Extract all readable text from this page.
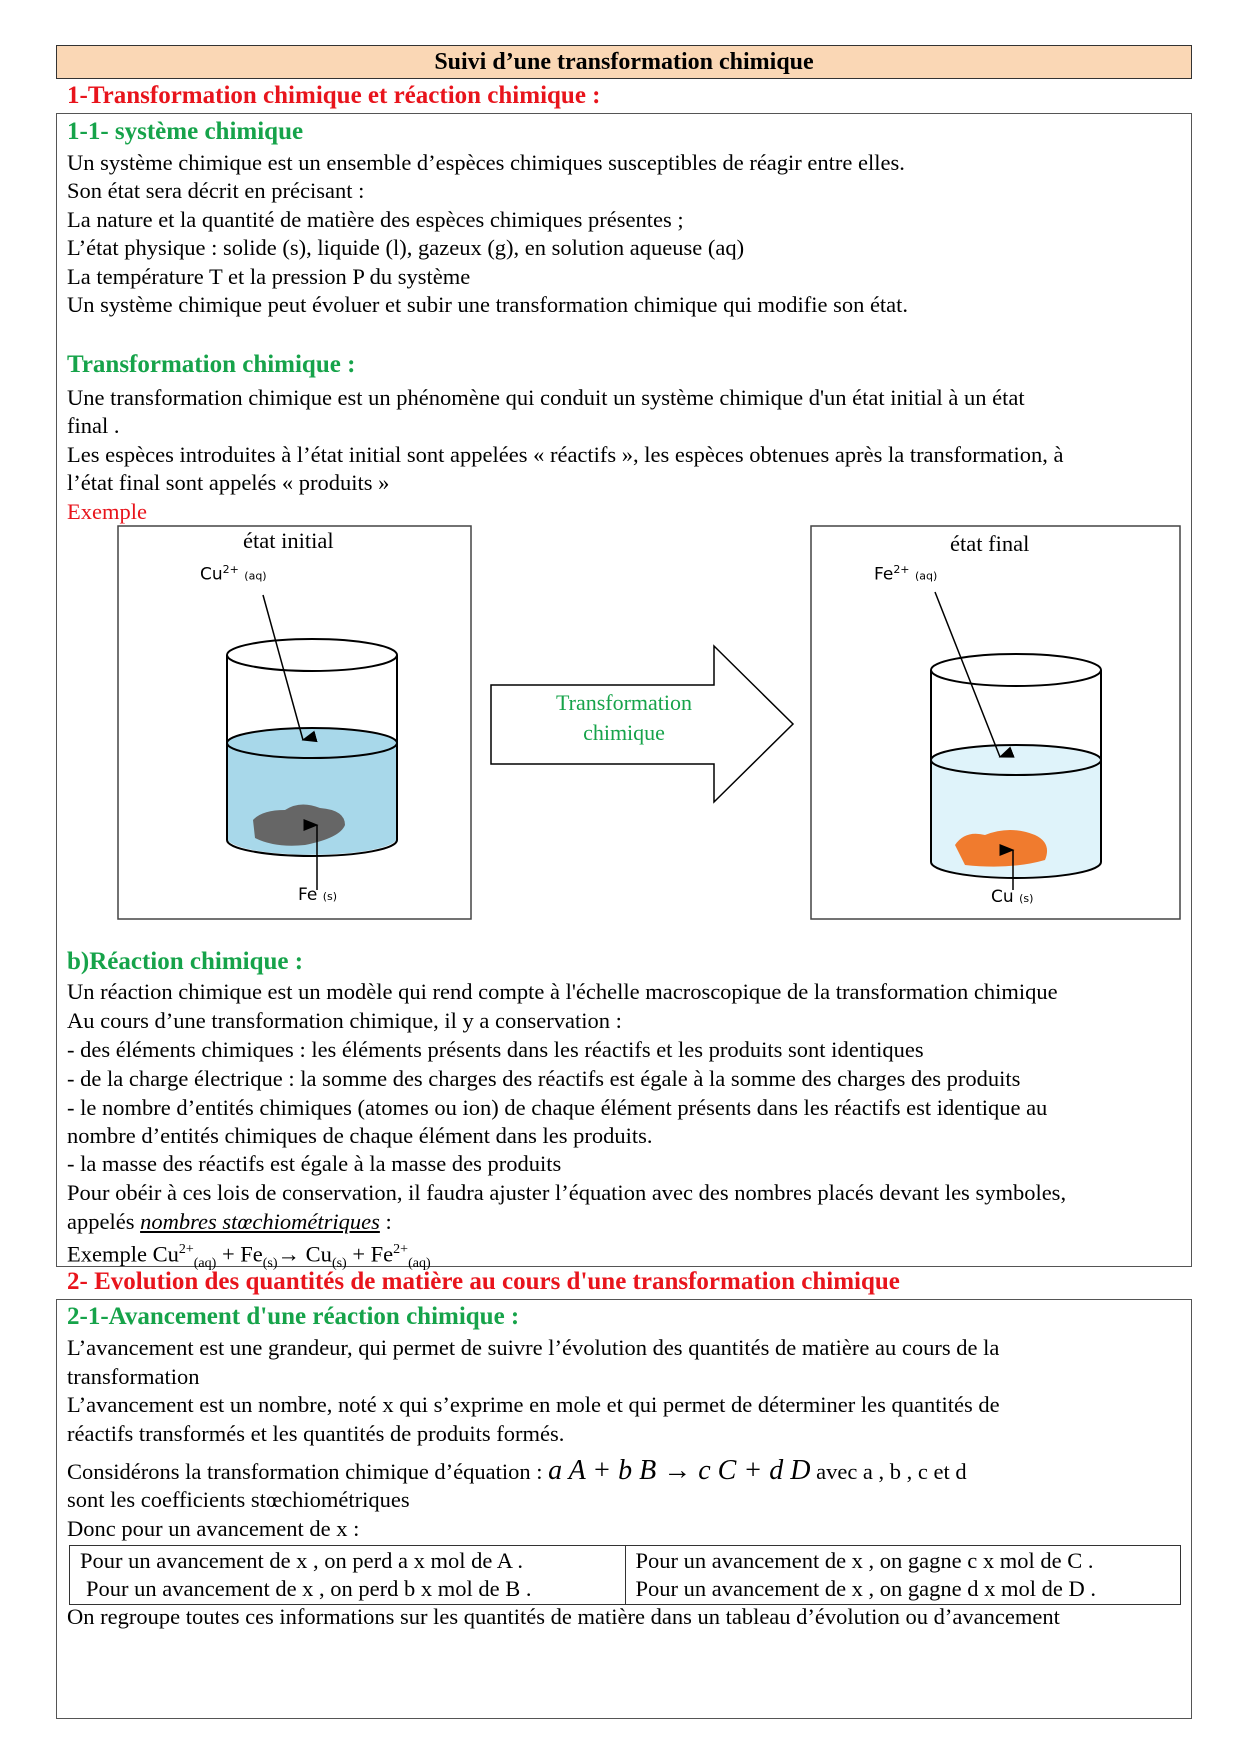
Suivi d’une transformation chimique
1-Transformation chimique et réaction chimique :
1-1- système chimique
Un système chimique est un ensemble d’espèces chimiques susceptibles de réagir entre elles.
Son état sera décrit en précisant :
La nature et la quantité de matière des espèces chimiques présentes ;
L’état physique : solide (s), liquide (l), gazeux (g), en solution aqueuse (aq)
La température T et la pression P du système
Un système chimique peut évoluer et subir une transformation chimique qui modifie son état.
Transformation chimique :
Une transformation chimique est un phénomène qui conduit un système chimique d'un état initial à un état
final .
Les espèces introduites à l’état initial sont appelées « réactifs », les espèces obtenues après la transformation, à
l’état final sont appelés « produits »
Exemple
état initial	état final
$Cu^{2+}$ (aq)
Fe (s)
$Fe^{2+}$ (aq)
Cu (s)
Transformation
chimique
b)Réaction chimique :
Un réaction chimique est un modèle qui rend compte à l'échelle macroscopique de la transformation chimique
Au cours d’une transformation chimique, il y a conservation :
- des éléments chimiques : les éléments présents dans les réactifs et les produits sont identiques
- de la charge électrique : la somme des charges des réactifs est égale à la somme des charges des produits
- le nombre d’entités chimiques (atomes ou ion) de chaque élément présents dans les réactifs est identique au
nombre d’entités chimiques de chaque élément dans les produits.
- la masse des réactifs est égale à la masse des produits
Pour obéir à ces lois de conservation, il faudra ajuster l’équation avec des nombres placés devant les symboles,
appelés nombres stœchiométriques :
Exemple $Cu^{2+}_{(aq)} + Fe_{(s)}\to Cu_{(s)} + Fe^{2+}_{(aq)}$
2- Evolution des quantités de matière au cours d'une transformation chimique
2-1-Avancement d'une réaction chimique :
L’avancement est une grandeur, qui permet de suivre l’évolution des quantités de matière au cours de la
transformation
L’avancement est un nombre, noté x qui s’exprime en mole et qui permet de déterminer les quantités de
réactifs transformés et les quantités de produits formés.
Considérons la transformation chimique d’équation : a A + b B → c C + d D avec a , b , c et d
sont les coefficients stœchiométriques
Donc pour un avancement de x :
Pour un avancement de x , on perd a x mol de A .
Pour un avancement de x , on perd b x mol de B .
Pour un avancement de x , on gagne c x mol de C .
Pour un avancement de x , on gagne d x mol de D .
On regroupe toutes ces informations sur les quantités de matière dans un tableau d’évolution ou d’avancement
